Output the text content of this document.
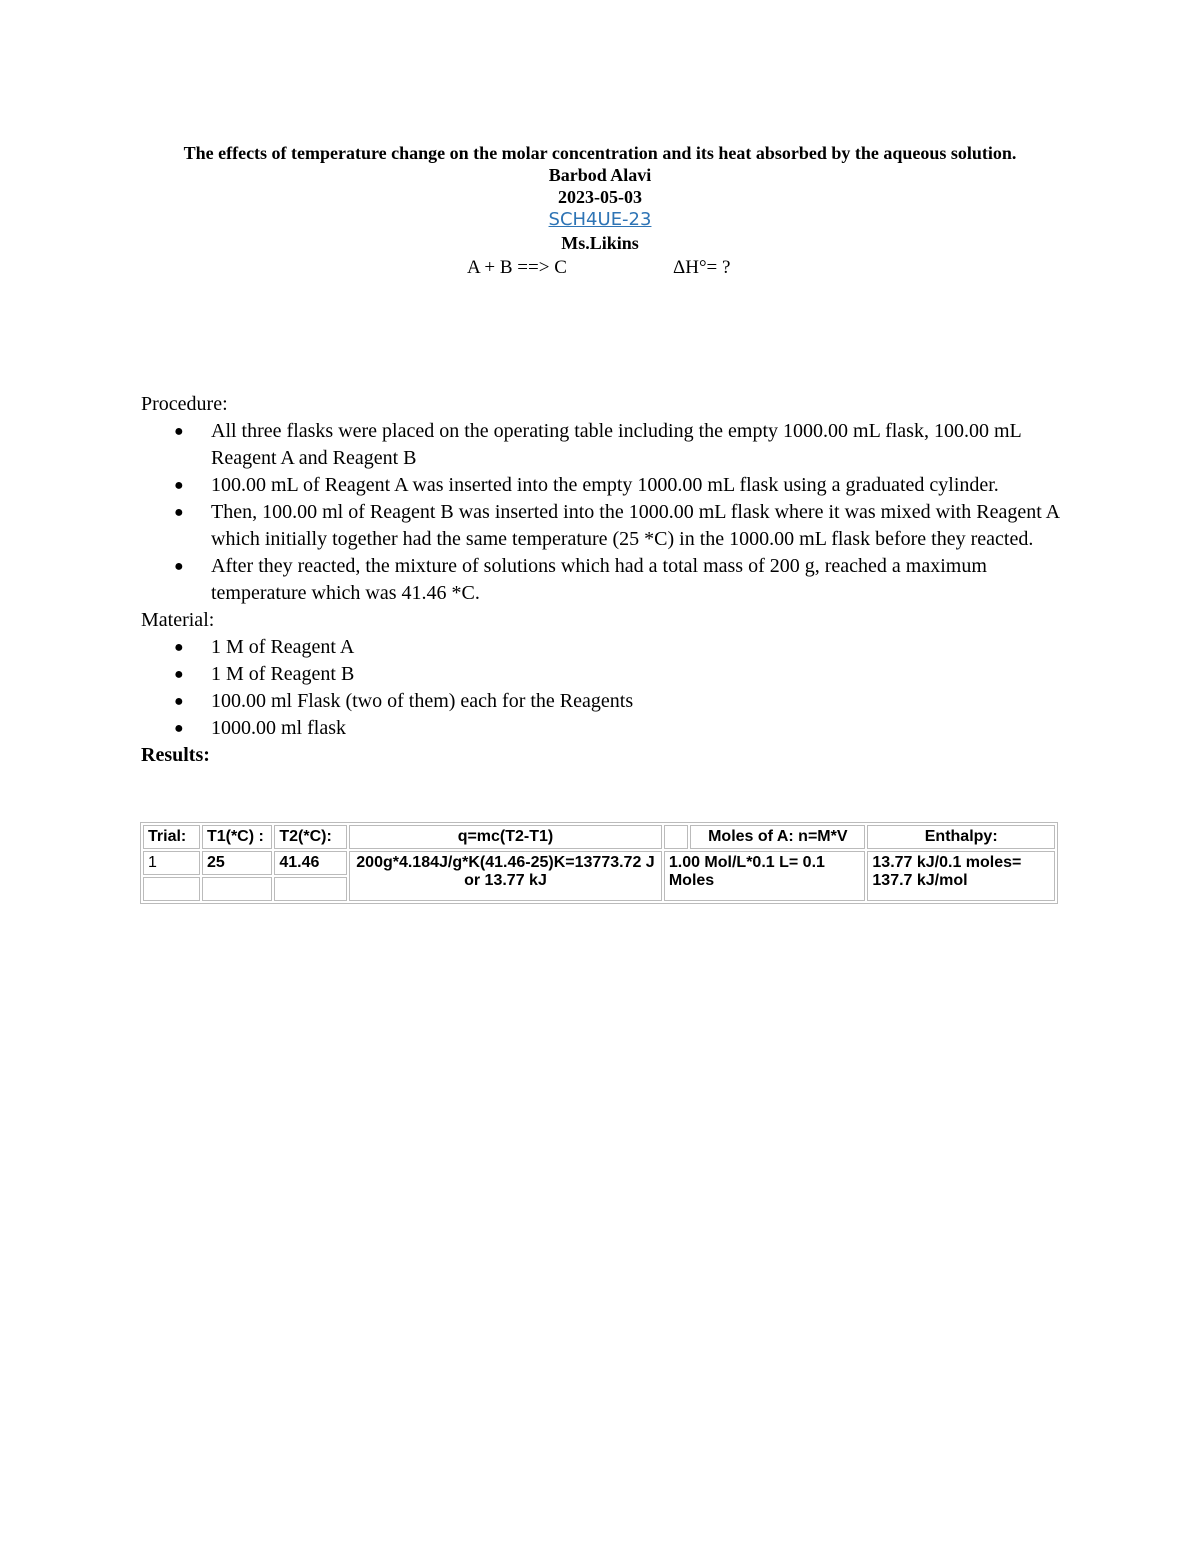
The effects of temperature change on the molar concentration and its heat absorbed by the aqueous solution.
Barbod Alavi
2023-05-03
SCH4UE-23
Ms.Likins
A + B ==> C	ΔH°= ?

Procedure:

● All three flasks were placed on the operating table including the empty 1000.00 mL flask, 100.00 mL Reagent A and Reagent B
● 100.00 mL of Reagent A was inserted into the empty 1000.00 mL flask using a graduated cylinder.
● Then, 100.00 ml of Reagent B was inserted into the 1000.00 mL flask where it was mixed with Reagent A which initially together had the same temperature (25 *C) in the 1000.00 mL flask before they reacted.
● After they reacted, the mixture of solutions which had a total mass of 200 g, reached a maximum temperature which was 41.46 *C.

Material:

● 1 M of Reagent A
● 1 M of Reagent B
● 100.00 ml Flask (two of them) each for the Reagents
● 1000.00 ml flask

Results:

Trial:	T1(*C) :	T2(*C):	q=mc(T2-T1)		Moles of A: n=M*V	Enthalpy:
1	25	41.46	200g*4.184J/g*K(41.46-25)K=13773.72 J or 13.77 kJ	1.00 Mol/L*0.1 L= 0.1 Moles		13.77 kJ/0.1 moles= 137.7 kJ/mol
